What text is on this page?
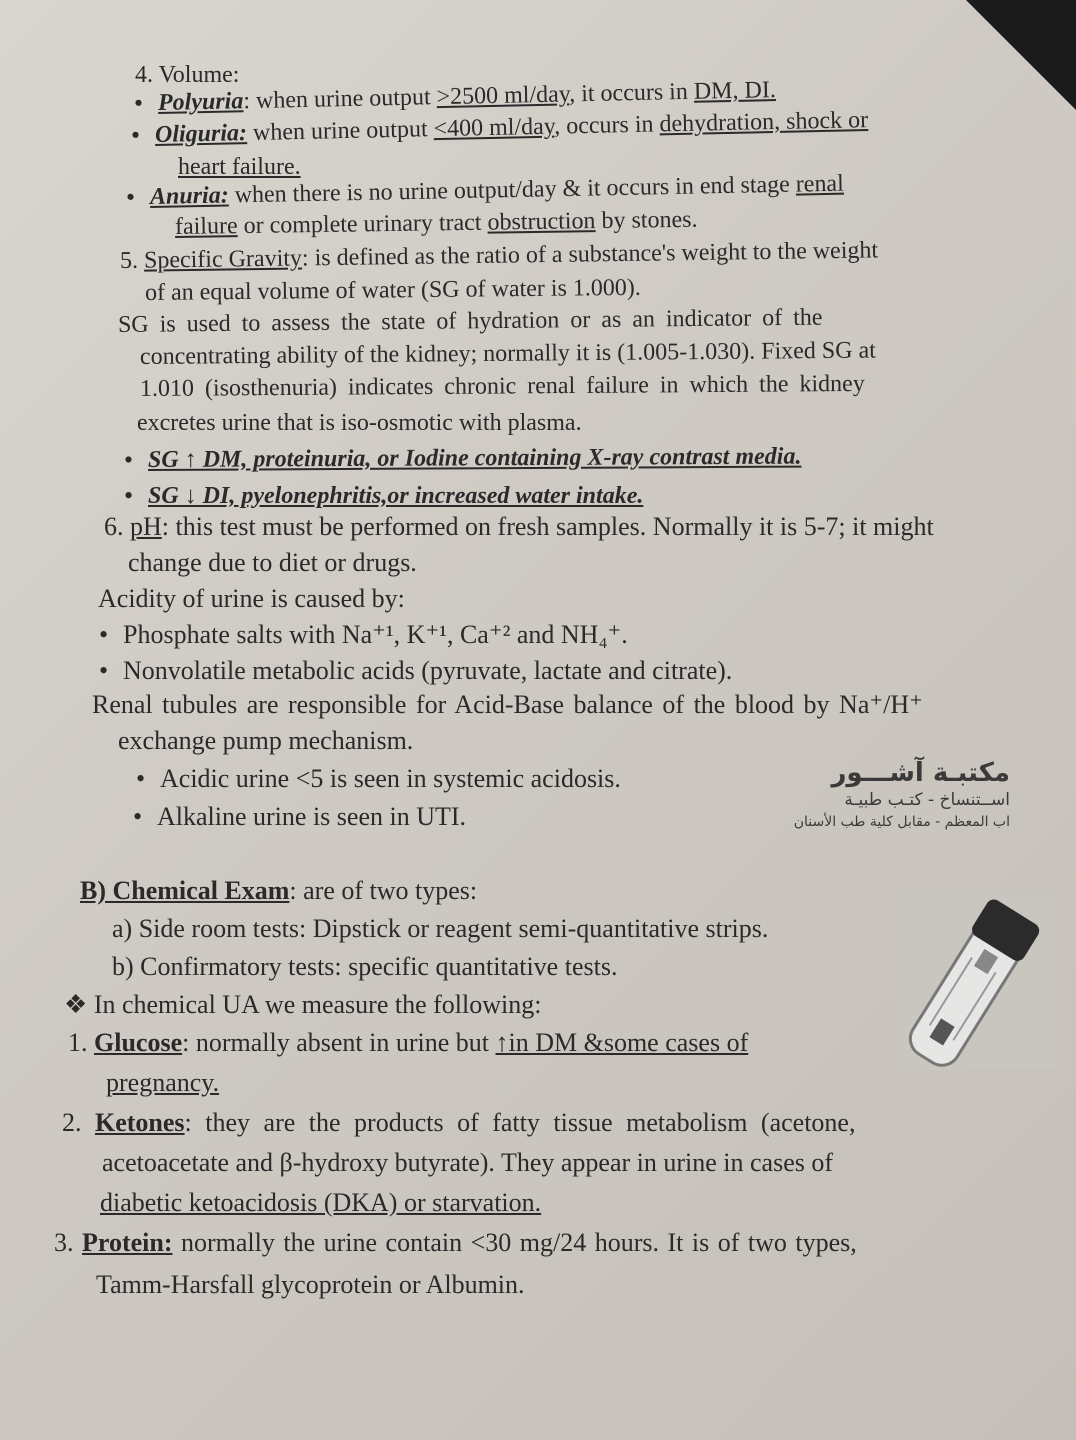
4. Volume:
• Polyuria: when urine output >2500 ml/day, it occurs in DM, DI.
• Oliguria: when urine output <400 ml/day, occurs in dehydration, shock or
heart failure.
• Anuria: when there is no urine output/day & it occurs in end stage renal
failure or complete urinary tract obstruction by stones.
5. Specific Gravity: is defined as the ratio of a substance's weight to the weight
of an equal volume of water (SG of water is 1.000).
SG is used to assess the state of hydration or as an indicator of the
concentrating ability of the kidney; normally it is (1.005-1.030). Fixed SG at
1.010 (isosthenuria) indicates chronic renal failure in which the kidney
excretes urine that is iso-osmotic with plasma.
• SG ↑ DM, proteinuria, or Iodine containing X-ray contrast media.
• SG ↓ DI, pyelonephritis,or increased water intake.
6. pH: this test must be performed on fresh samples. Normally it is 5-7; it might
change due to diet or drugs.
Acidity of urine is caused by:
• Phosphate salts with Na⁺¹, K⁺¹, Ca⁺² and NH₄⁺.
• Nonvolatile metabolic acids (pyruvate, lactate and citrate).
Renal tubules are responsible for Acid-Base balance of the blood by Na⁺/H⁺
exchange pump mechanism.
• Acidic urine <5 is seen in systemic acidosis.
• Alkaline urine is seen in UTI.
مكتبـة آشـــور
اســتنساخ - كتـب طبيـة
اب المعظم - مقابل كلية طب الأسنان
B) Chemical Exam: are of two types:
a) Side room tests: Dipstick or reagent semi-quantitative strips.
b) Confirmatory tests: specific quantitative tests.
❖ In chemical UA we measure the following:
1. Glucose: normally absent in urine but ↑in DM &some cases of
pregnancy.
2. Ketones: they are the products of fatty tissue metabolism (acetone,
acetoacetate and β-hydroxy butyrate). They appear in urine in cases of
diabetic ketoacidosis (DKA) or starvation.
3. Protein: normally the urine contain <30 mg/24 hours. It is of two types,
Tamm-Harsfall glycoprotein or Albumin.
